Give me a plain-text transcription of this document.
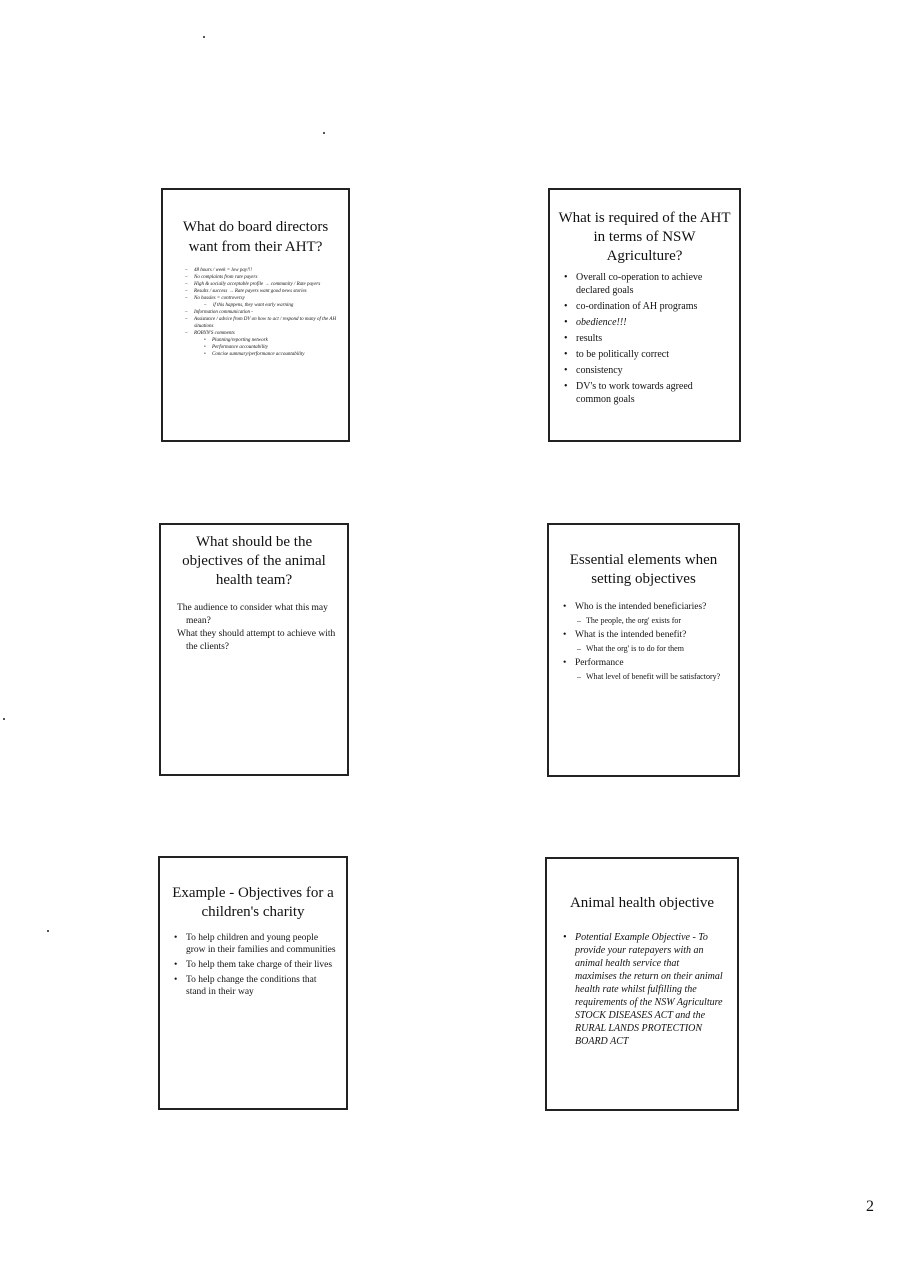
What do board directors want from their AHT?
– 48 hours / week = low pay!!!
– No complaints from rate payers
– High & socially acceptable profile → community / Rate payers
– Results / success → Rate payers want good news stories
– No hassles = controversy
– if this happens, they want early warning
– Information communication -
– Assistance / advice from DV on how to act / respond to many of the AH situations
– ROBYN'S comments
• Planning/reporting network
• Performance accountability
• Concise summary/performance accountability
What is required of the AHT in terms of NSW Agriculture?
• Overall co-operation to achieve declared goals
• co-ordination of AH programs
• obedience!!!
• results
• to be politically correct
• consistency
• DV's to work towards agreed common goals
What should be the objectives of the animal health team?

The audience to consider what this may mean?

What they should attempt to achieve with the clients?

Essential elements when setting objectives
• Who is the intended beneficiaries?
– The people, the org' exists for
• What is the intended benefit?
– What the org' is to do for them
• Performance
– What level of benefit will be satisfactory?
Example - Objectives for a children's charity
• To help children and young people grow in their families and communities
• To help them take charge of their lives
• To help change the conditions that stand in their way
Animal health objective
• Potential Example Objective - To provide your ratepayers with an animal health service that maximises the return on their animal health rate whilst fulfilling the requirements of the NSW Agriculture STOCK DISEASES ACT and the RURAL LANDS PROTECTION BOARD ACT
2
